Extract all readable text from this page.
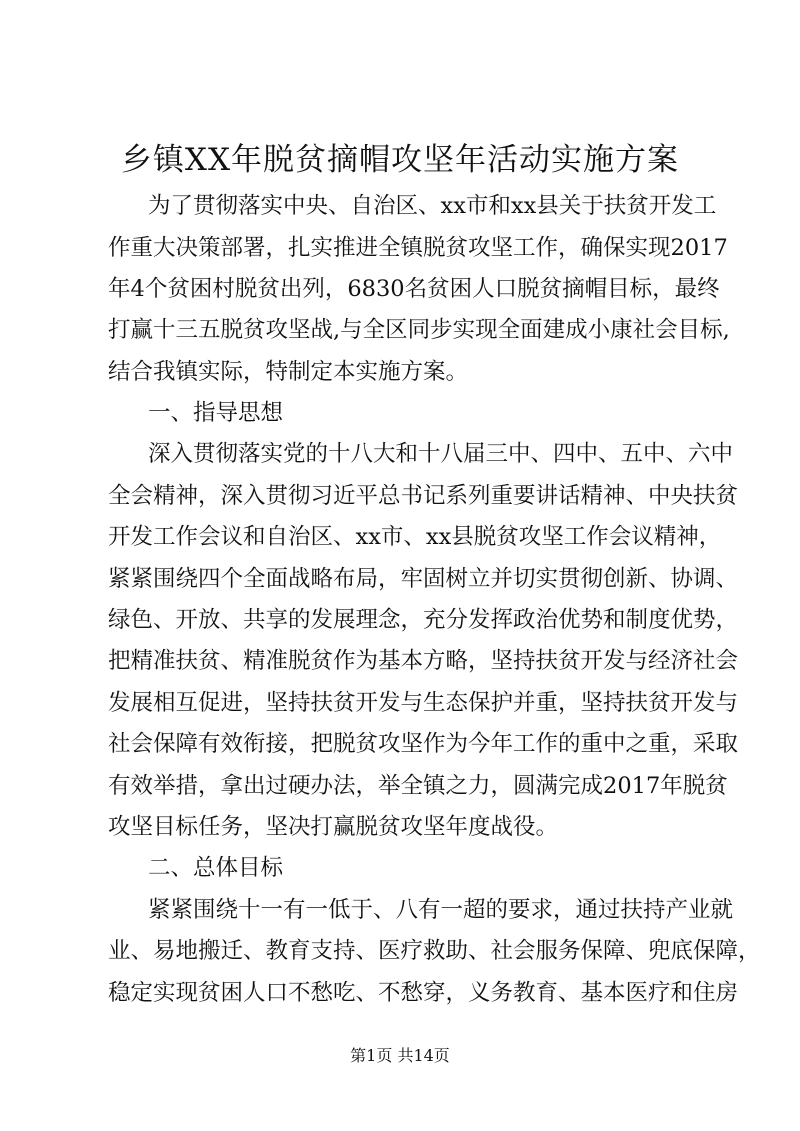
乡镇XX年脱贫摘帽攻坚年活动实施方案

为了贯彻落实中央、自治区、xx市和xx县关于扶贫开发工

作重大决策部署，扎实推进全镇脱贫攻坚工作，确保实现2017

年4个贫困村脱贫出列，6830名贫困人口脱贫摘帽目标，最终

打赢十三五脱贫攻坚战,与全区同步实现全面建成小康社会目标,

结合我镇实际，特制定本实施方案。

一、指导思想

深入贯彻落实党的十八大和十八届三中、四中、五中、六中

全会精神，深入贯彻习近平总书记系列重要讲话精神、中央扶贫

开发工作会议和自治区、xx市、xx县脱贫攻坚工作会议精神，

紧紧围绕四个全面战略布局，牢固树立并切实贯彻创新、协调、

绿色、开放、共享的发展理念，充分发挥政治优势和制度优势，

把精准扶贫、精准脱贫作为基本方略，坚持扶贫开发与经济社会

发展相互促进，坚持扶贫开发与生态保护并重，坚持扶贫开发与

社会保障有效衔接，把脱贫攻坚作为今年工作的重中之重，采取

有效举措，拿出过硬办法，举全镇之力，圆满完成2017年脱贫

攻坚目标任务，坚决打赢脱贫攻坚年度战役。

二、总体目标

紧紧围绕十一有一低于、八有一超的要求，通过扶持产业就

业、易地搬迁、教育支持、医疗救助、社会服务保障、兜底保障，

稳定实现贫困人口不愁吃、不愁穿，义务教育、基本医疗和住房

第1页 共14页
